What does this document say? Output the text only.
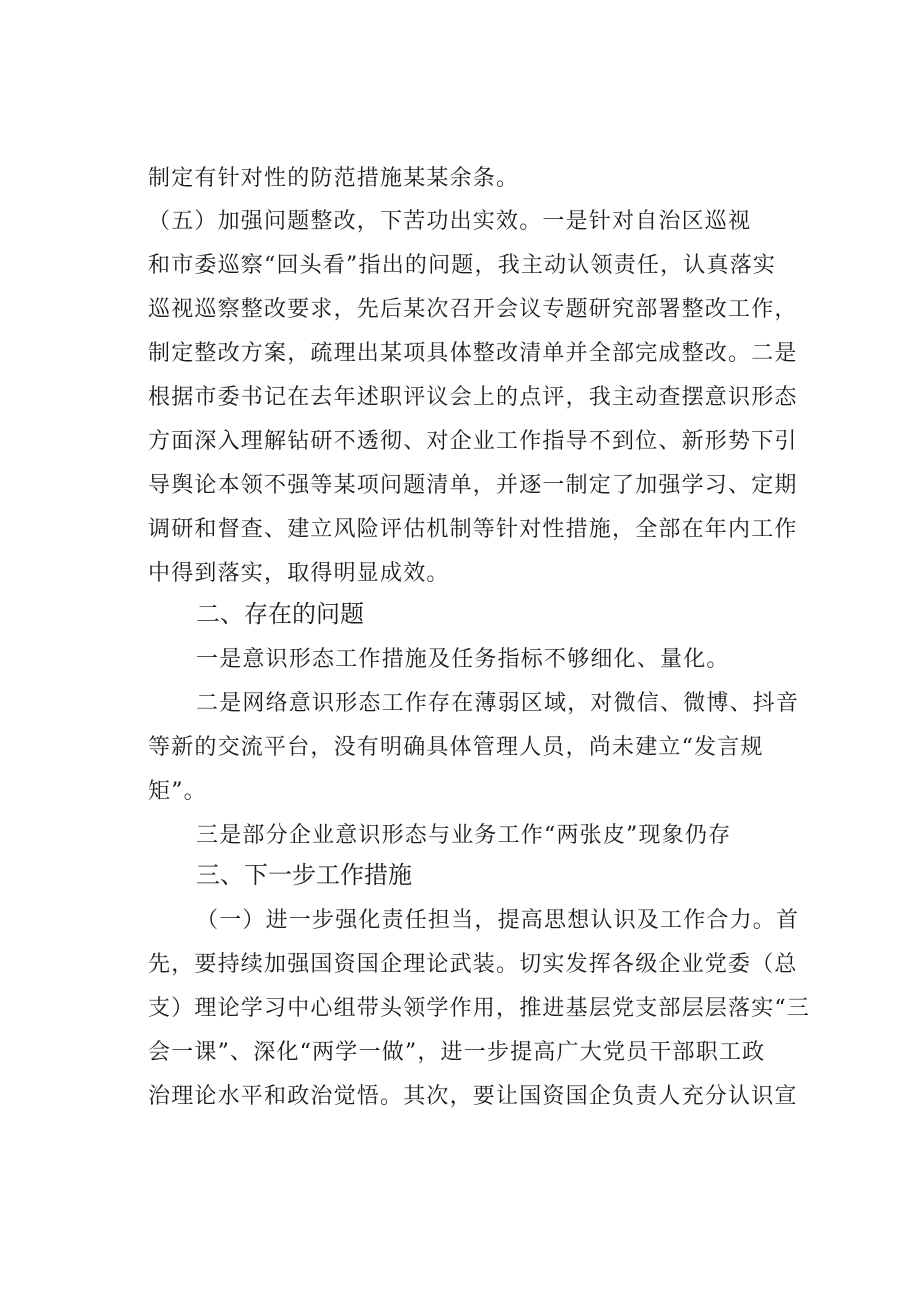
制定有针对性的防范措施某某余条。
（五）加强问题整改，下苦功出实效。一是针对自治区巡视
和市委巡察“回头看”指出的问题，我主动认领责任，认真落实
巡视巡察整改要求，先后某次召开会议专题研究部署整改工作，
制定整改方案，疏理出某项具体整改清单并全部完成整改。二是
根据市委书记在去年述职评议会上的点评，我主动查摆意识形态
方面深入理解钻研不透彻、对企业工作指导不到位、新形势下引
导舆论本领不强等某项问题清单，并逐一制定了加强学习、定期
调研和督查、建立风险评估机制等针对性措施，全部在年内工作
中得到落实，取得明显成效。
二、存在的问题
一是意识形态工作措施及任务指标不够细化、量化。
二是网络意识形态工作存在薄弱区域，对微信、微博、抖音
等新的交流平台，没有明确具体管理人员，尚未建立“发言规
矩”。
三是部分企业意识形态与业务工作“两张皮”现象仍存
三、下一步工作措施
（一）进一步强化责任担当，提高思想认识及工作合力。首
先，要持续加强国资国企理论武装。切实发挥各级企业党委（总
支）理论学习中心组带头领学作用，推进基层党支部层层落实“三
会一课”、深化“两学一做”，进一步提高广大党员干部职工政
治理论水平和政治觉悟。其次，要让国资国企负责人充分认识宣
